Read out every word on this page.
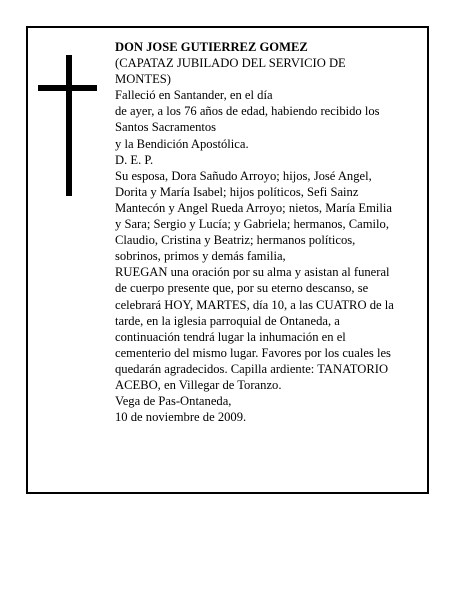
DON JOSE GUTIERREZ GOMEZ
(CAPATAZ JUBILADO DEL SERVICIO DE
MONTES)
Falleció en Santander, en el día
de ayer, a los 76 años de edad, habiendo recibido los
Santos Sacramentos
y la Bendición Apostólica.
D. E. P.
Su esposa, Dora Sañudo Arroyo; hijos, José Angel,
Dorita y María Isabel; hijos políticos, Sefi Sainz
Mantecón y Angel Rueda Arroyo; nietos, María Emilia
y Sara; Sergio y Lucía; y Gabriela; hermanos, Camilo,
Claudio, Cristina y Beatriz; hermanos políticos,
sobrinos, primos y demás familia,
RUEGAN una oración por su alma y asistan al funeral
de cuerpo presente que, por su eterno descanso, se
celebrará HOY, MARTES, día 10, a las CUATRO de la
tarde, en la iglesia parroquial de Ontaneda, a
continuación tendrá lugar la inhumación en el
cementerio del mismo lugar. Favores por los cuales les
quedarán agradecidos. Capilla ardiente: TANATORIO
ACEBO, en Villegar de Toranzo.
Vega de Pas-Ontaneda,
10 de noviembre de 2009.
